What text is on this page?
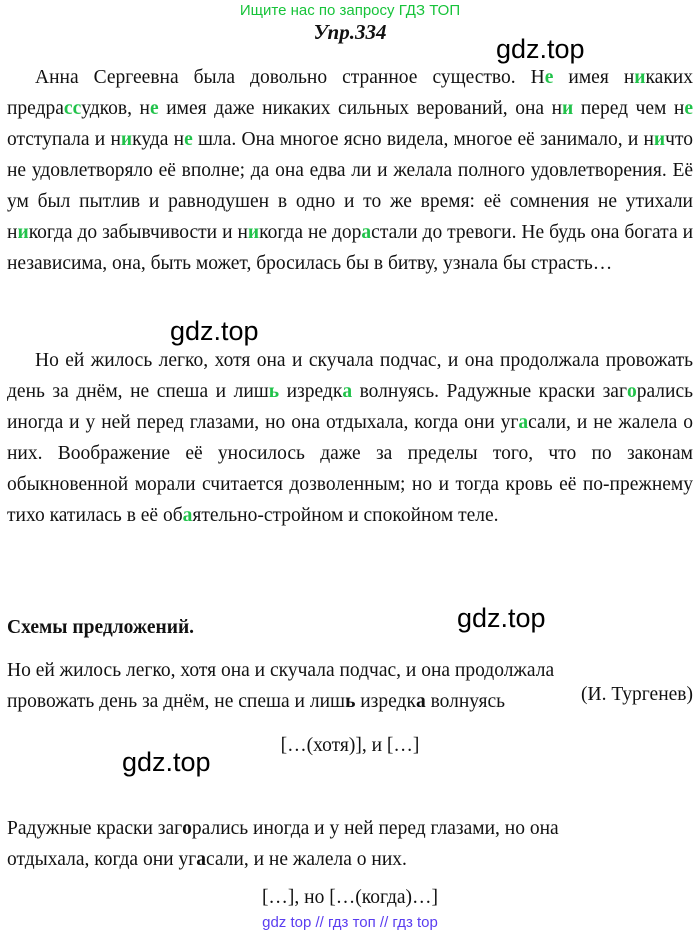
Ищите нас по запросу ГДЗ ТОП
Упр.334
gdz.top

Анна Сергеевна была довольно странное существо. Не имея никаких предрассудков, не имея даже никаких сильных верований, она ни перед чем не отступала и никуда не шла. Она многое ясно видела, многое её занимало, и ничто не удовлетворяло её вполне; да она едва ли и желала полного удовлетворения. Её ум был пытлив и равнодушен в одно и то же время: её сомнения не утихали никогда до забывчивости и никогда не дорастали до тревоги. Не будь она богата и независима, она, быть может, бросилась бы в битву, узнала бы страсть…

gdz.top

Но ей жилось легко, хотя она и скучала подчас, и она продолжала провожать день за днём, не спеша и лишь изредка волнуясь. Радужные краски загорались иногда и у ней перед глазами, но она отдыхала, когда они угасали, и не жалела о них. Воображение её уносилось даже за пределы того, что по законам обыкновенной морали считается дозволенным; но и тогда кровь её по-прежнему тихо катилась в её обаятельно-стройном и спокойном теле.

(И. Тургенев)
gdz.top
Схемы предложений.
Но ей жилось легко, хотя она и скучала подчас, и она продолжала
провожать день за днём, не спеша и лишь изредка волнуясь
[…(хотя)], и […]
gdz.top
Радужные краски загорались иногда и у ней перед глазами, но она
отдыхала, когда они угасали, и не жалела о них.
[…], но […(когда)…]
gdz top // гдз топ // гдз top
